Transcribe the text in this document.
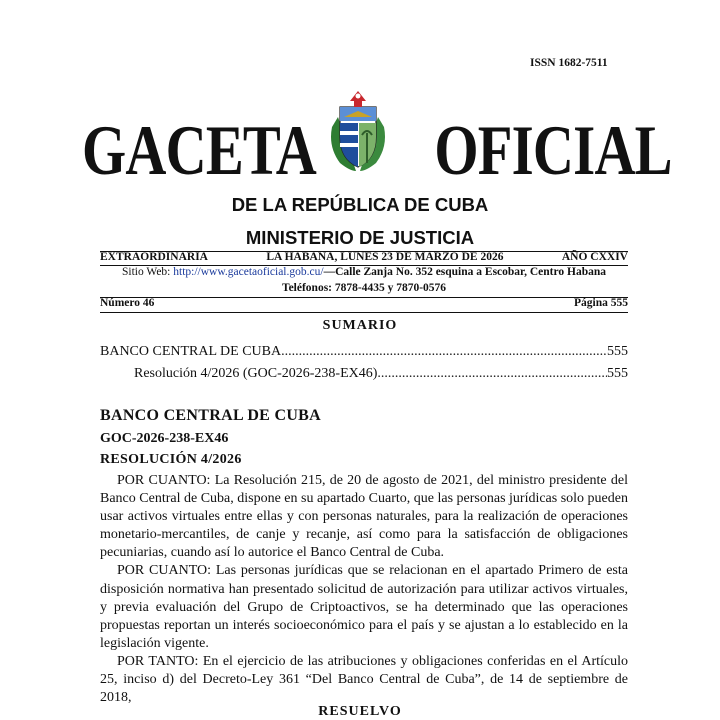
ISSN 1682-7511
GACETA OFICIAL
DE LA REPÚBLICA DE CUBA
MINISTERIO DE JUSTICIA
EXTRAORDINARIA	LA HABANA, LUNES 23 DE MARZO DE 2026	AÑO CXXIV
Sitio Web: http://www.gacetaoficial.gob.cu/—Calle Zanja No. 352 esquina a Escobar, Centro Habana
Teléfonos: 7878-4435 y 7870-0576
Número 46	Página 555
SUMARIO
BANCO CENTRAL DE CUBA .....	555
Resolución 4/2026 (GOC-2026-238-EX46) .....	555
BANCO CENTRAL DE CUBA
GOC-2026-238-EX46
RESOLUCIÓN 4/2026

POR CUANTO: La Resolución 215, de 20 de agosto de 2021, del ministro presidente del Banco Central de Cuba, dispone en su apartado Cuarto, que las personas jurídicas solo pueden usar activos virtuales entre ellas y con personas naturales, para la realización de operaciones monetario-mercantiles, de canje y recanje, así como para la satisfacción de obligaciones pecuniarias, cuando así lo autorice el Banco Central de Cuba.

POR CUANTO: Las personas jurídicas que se relacionan en el apartado Primero de esta disposición normativa han presentado solicitud de autorización para utilizar activos virtuales, y previa evaluación del Grupo de Criptoactivos, se ha determinado que las operaciones propuestas reportan un interés socioeconómico para el país y se ajustan a lo establecido en la legislación vigente.

POR TANTO: En el ejercicio de las atribuciones y obligaciones conferidas en el Artículo 25, inciso d) del Decreto-Ley 361 “Del Banco Central de Cuba”, de 14 de septiembre de 2018,

RESUELVO
